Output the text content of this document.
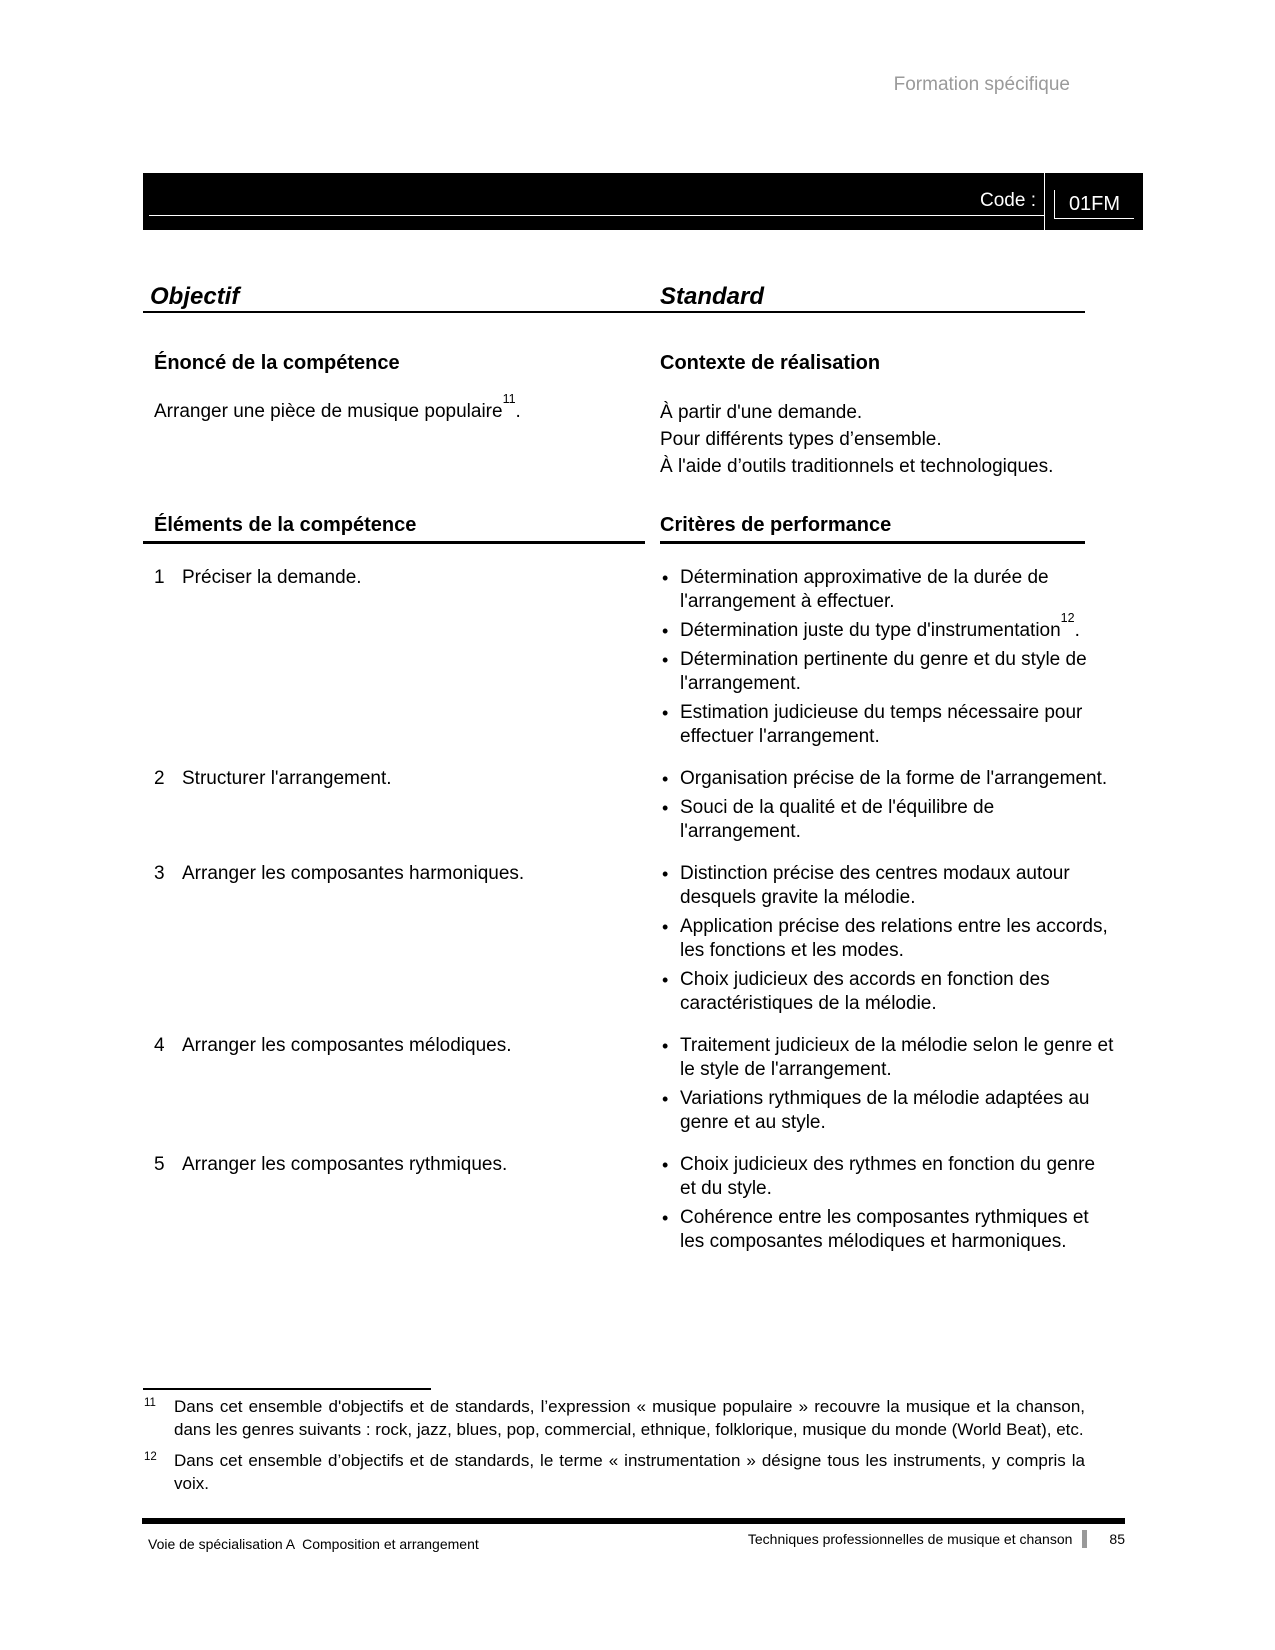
Formation spécifique
Code :	01FM
Objectif	Standard
Énoncé de la compétence	Contexte de réalisation
Arranger une pièce de musique populaire$^{11}$.	À partir d'une demande.
Pour différents types d’ensemble.
À l'aide d’outils traditionnels et technologiques.
Éléments de la compétence	Critères de performance
1 Préciser la demande.	• Détermination approximative de la durée de l'arrangement à effectuer.
• Détermination juste du type d'instrumentation$^{12}$.
• Détermination pertinente du genre et du style de l'arrangement.
• Estimation judicieuse du temps nécessaire pour effectuer l'arrangement.
2 Structurer l'arrangement.	• Organisation précise de la forme de l'arrangement.
• Souci de la qualité et de l'équilibre de l'arrangement.
3 Arranger les composantes harmoniques.	• Distinction précise des centres modaux autour desquels gravite la mélodie.
• Application précise des relations entre les accords, les fonctions et les modes.
• Choix judicieux des accords en fonction des caractéristiques de la mélodie.
4 Arranger les composantes mélodiques.	• Traitement judicieux de la mélodie selon le genre et le style de l'arrangement.
• Variations rythmiques de la mélodie adaptées au genre et au style.
5 Arranger les composantes rythmiques.	• Choix judicieux des rythmes en fonction du genre et du style.
• Cohérence entre les composantes rythmiques et les composantes mélodiques et harmoniques.
11 Dans cet ensemble d'objectifs et de standards, l’expression « musique populaire » recouvre la musique et la chanson, dans les genres suivants : rock, jazz, blues, pop, commercial, ethnique, folklorique, musique du monde (World Beat), etc.
12 Dans cet ensemble d’objectifs et de standards, le terme « instrumentation » désigne tous les instruments, y compris la voix.
Voie de spécialisation A  Composition et arrangement	Techniques professionnelles de musique et chanson	85
